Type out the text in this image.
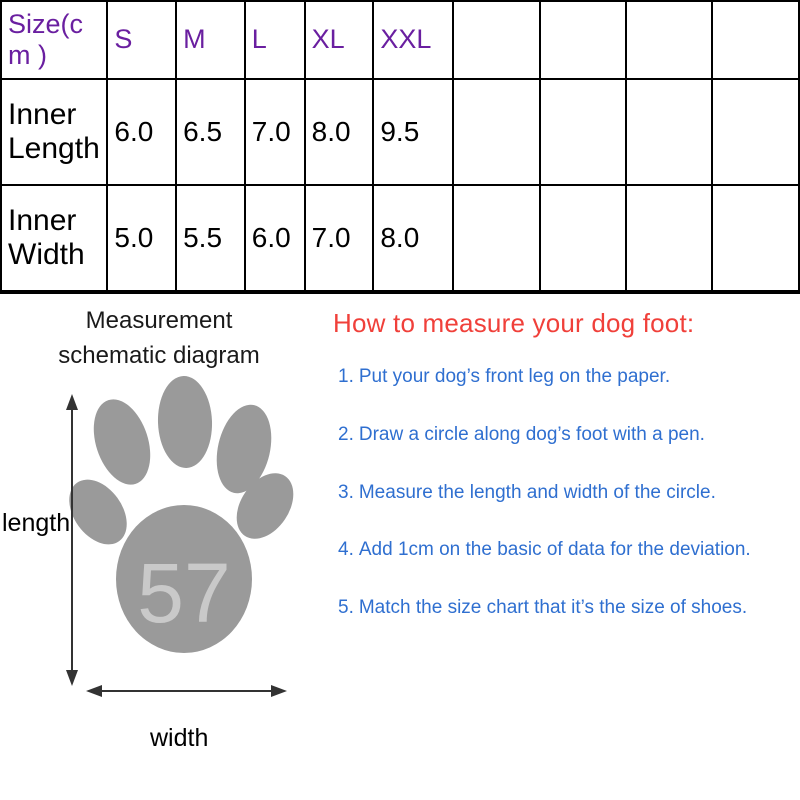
Size(cm )	S	M	L	XL	XXL				
Inner Length	6.0	6.5	7.0	8.0	9.5				
Inner Width	5.0	5.5	6.0	7.0	8.0				
Measurement
schematic diagram
57
length
width
How to measure your dog foot:
1. Put your dog’s front leg on the paper.
2. Draw a circle along dog’s foot with a pen.
3. Measure the length and width of the circle.
4. Add 1cm on the basic of data for the deviation.
5. Match the size chart that it’s the size of shoes.
